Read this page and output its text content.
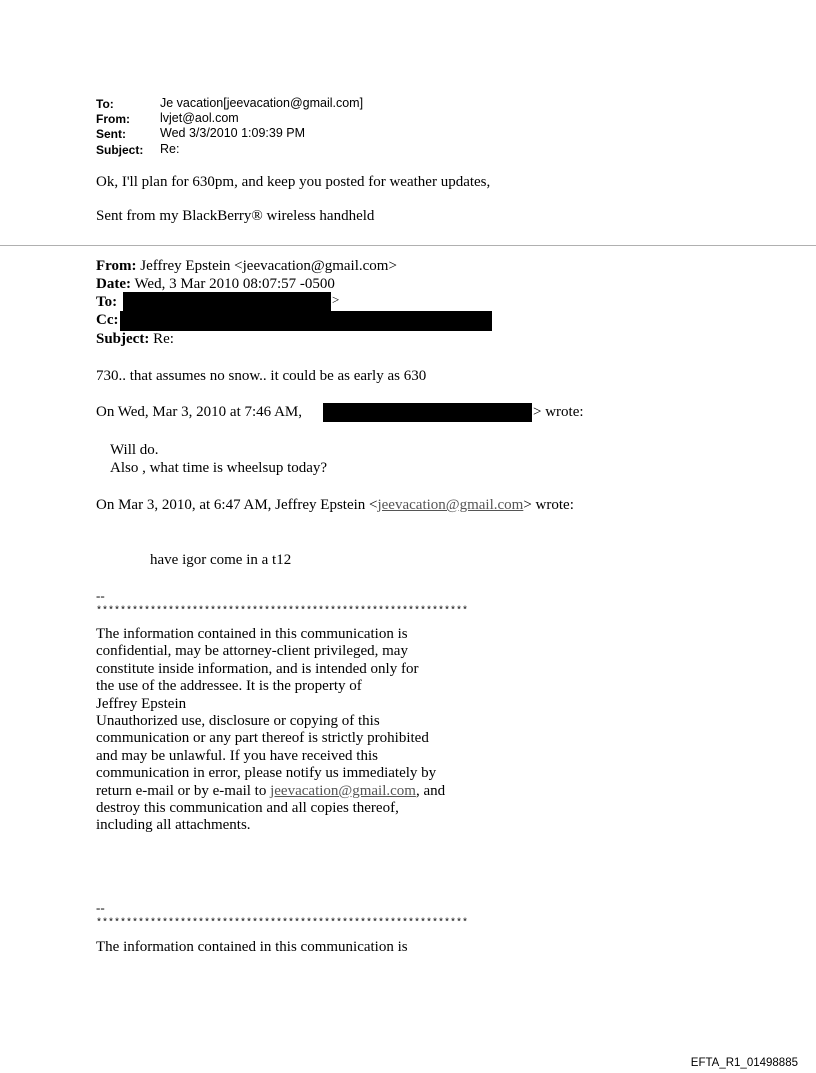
To:	Je vacation[jeevacation@gmail.com]
From: lvjet@aol.com
Sent:	Wed 3/3/2010 1:09:39 PM
Subject: Re:
Ok, I'll plan for 630pm, and keep you posted for weather updates,
Sent from my BlackBerry® wireless handheld
From: Jeffrey Epstein <jeevacation@gmail.com>
Date: Wed, 3 Mar 2010 08:07:57 -0500
To:	>
Cc:
Subject: Re:
730.. that assumes no snow.. it could be as early as 630
On Wed, Mar 3, 2010 at 7:46 AM,	> wrote:
Will do.
Also , what time is wheelsup today?
On Mar 3, 2010, at 6:47 AM, Jeffrey Epstein <jeevacation@gmail.com> wrote:
have igor come in a t12
--
**************************************************************
The information contained in this communication is
confidential, may be attorney-client privileged, may
constitute inside information, and is intended only for
the use of the addressee. It is the property of
Jeffrey Epstein
Unauthorized use, disclosure or copying of this
communication or any part thereof is strictly prohibited
and may be unlawful. If you have received this
communication in error, please notify us immediately by
return e-mail or by e-mail to jeevacation@gmail.com, and
destroy this communication and all copies thereof,
including all attachments.
--
**************************************************************
The information contained in this communication is
EFTA_R1_01498885
